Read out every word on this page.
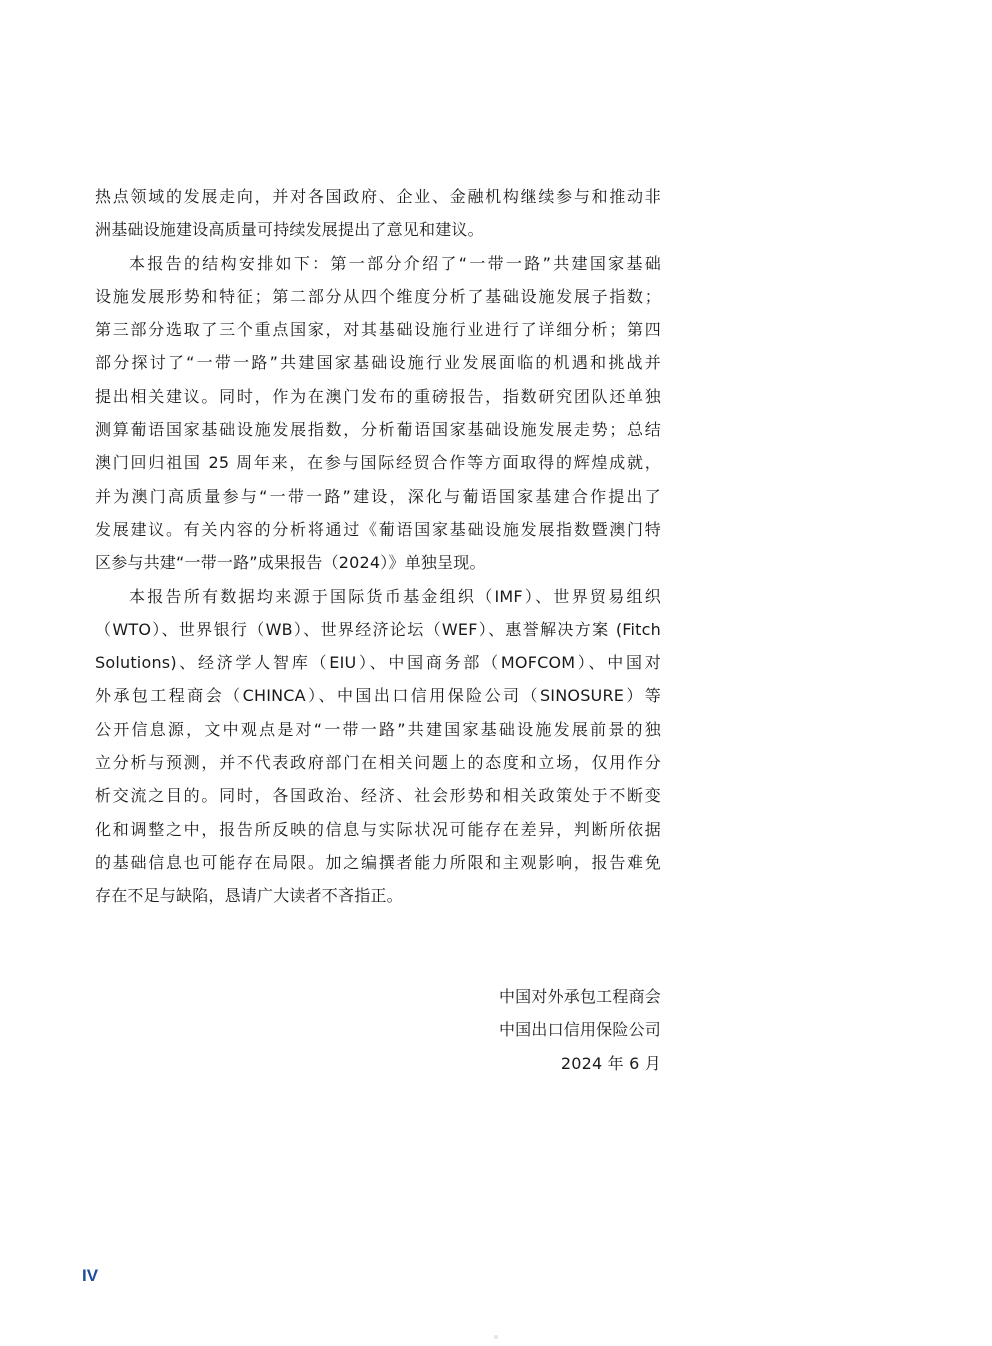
热点领域的发展走向，并对各国政府、企业、金融机构继续参与和推动非
洲基础设施建设高质量可持续发展提出了意见和建议。
本报告的结构安排如下：第一部分介绍了“一带一路”共建国家基础
设施发展形势和特征；第二部分从四个维度分析了基础设施发展子指数；
第三部分选取了三个重点国家，对其基础设施行业进行了详细分析；第四
部分探讨了“一带一路”共建国家基础设施行业发展面临的机遇和挑战并
提出相关建议。同时，作为在澳门发布的重磅报告，指数研究团队还单独
测算葡语国家基础设施发展指数，分析葡语国家基础设施发展走势；总结
澳门回归祖国 25 周年来，在参与国际经贸合作等方面取得的辉煌成就，
并为澳门高质量参与“一带一路”建设，深化与葡语国家基建合作提出了
发展建议。有关内容的分析将通过《葡语国家基础设施发展指数暨澳门特
区参与共建“一带一路”成果报告（2024）》单独呈现。
本报告所有数据均来源于国际货币基金组织（IMF）、世界贸易组织
（WTO）、世界银行（WB）、世界经济论坛（WEF）、惠誉解决方案 (Fitch
Solutions)、经济学人智库（EIU）、中国商务部（MOFCOM）、中国对
外承包工程商会（CHINCA）、中国出口信用保险公司（SINOSURE）等
公开信息源，文中观点是对“一带一路”共建国家基础设施发展前景的独
立分析与预测，并不代表政府部门在相关问题上的态度和立场，仅用作分
析交流之目的。同时，各国政治、经济、社会形势和相关政策处于不断变
化和调整之中，报告所反映的信息与实际状况可能存在差异，判断所依据
的基础信息也可能存在局限。加之编撰者能力所限和主观影响，报告难免
存在不足与缺陷，恳请广大读者不吝指正。
中国对外承包工程商会
中国出口信用保险公司
2024 年 6 月
IV
